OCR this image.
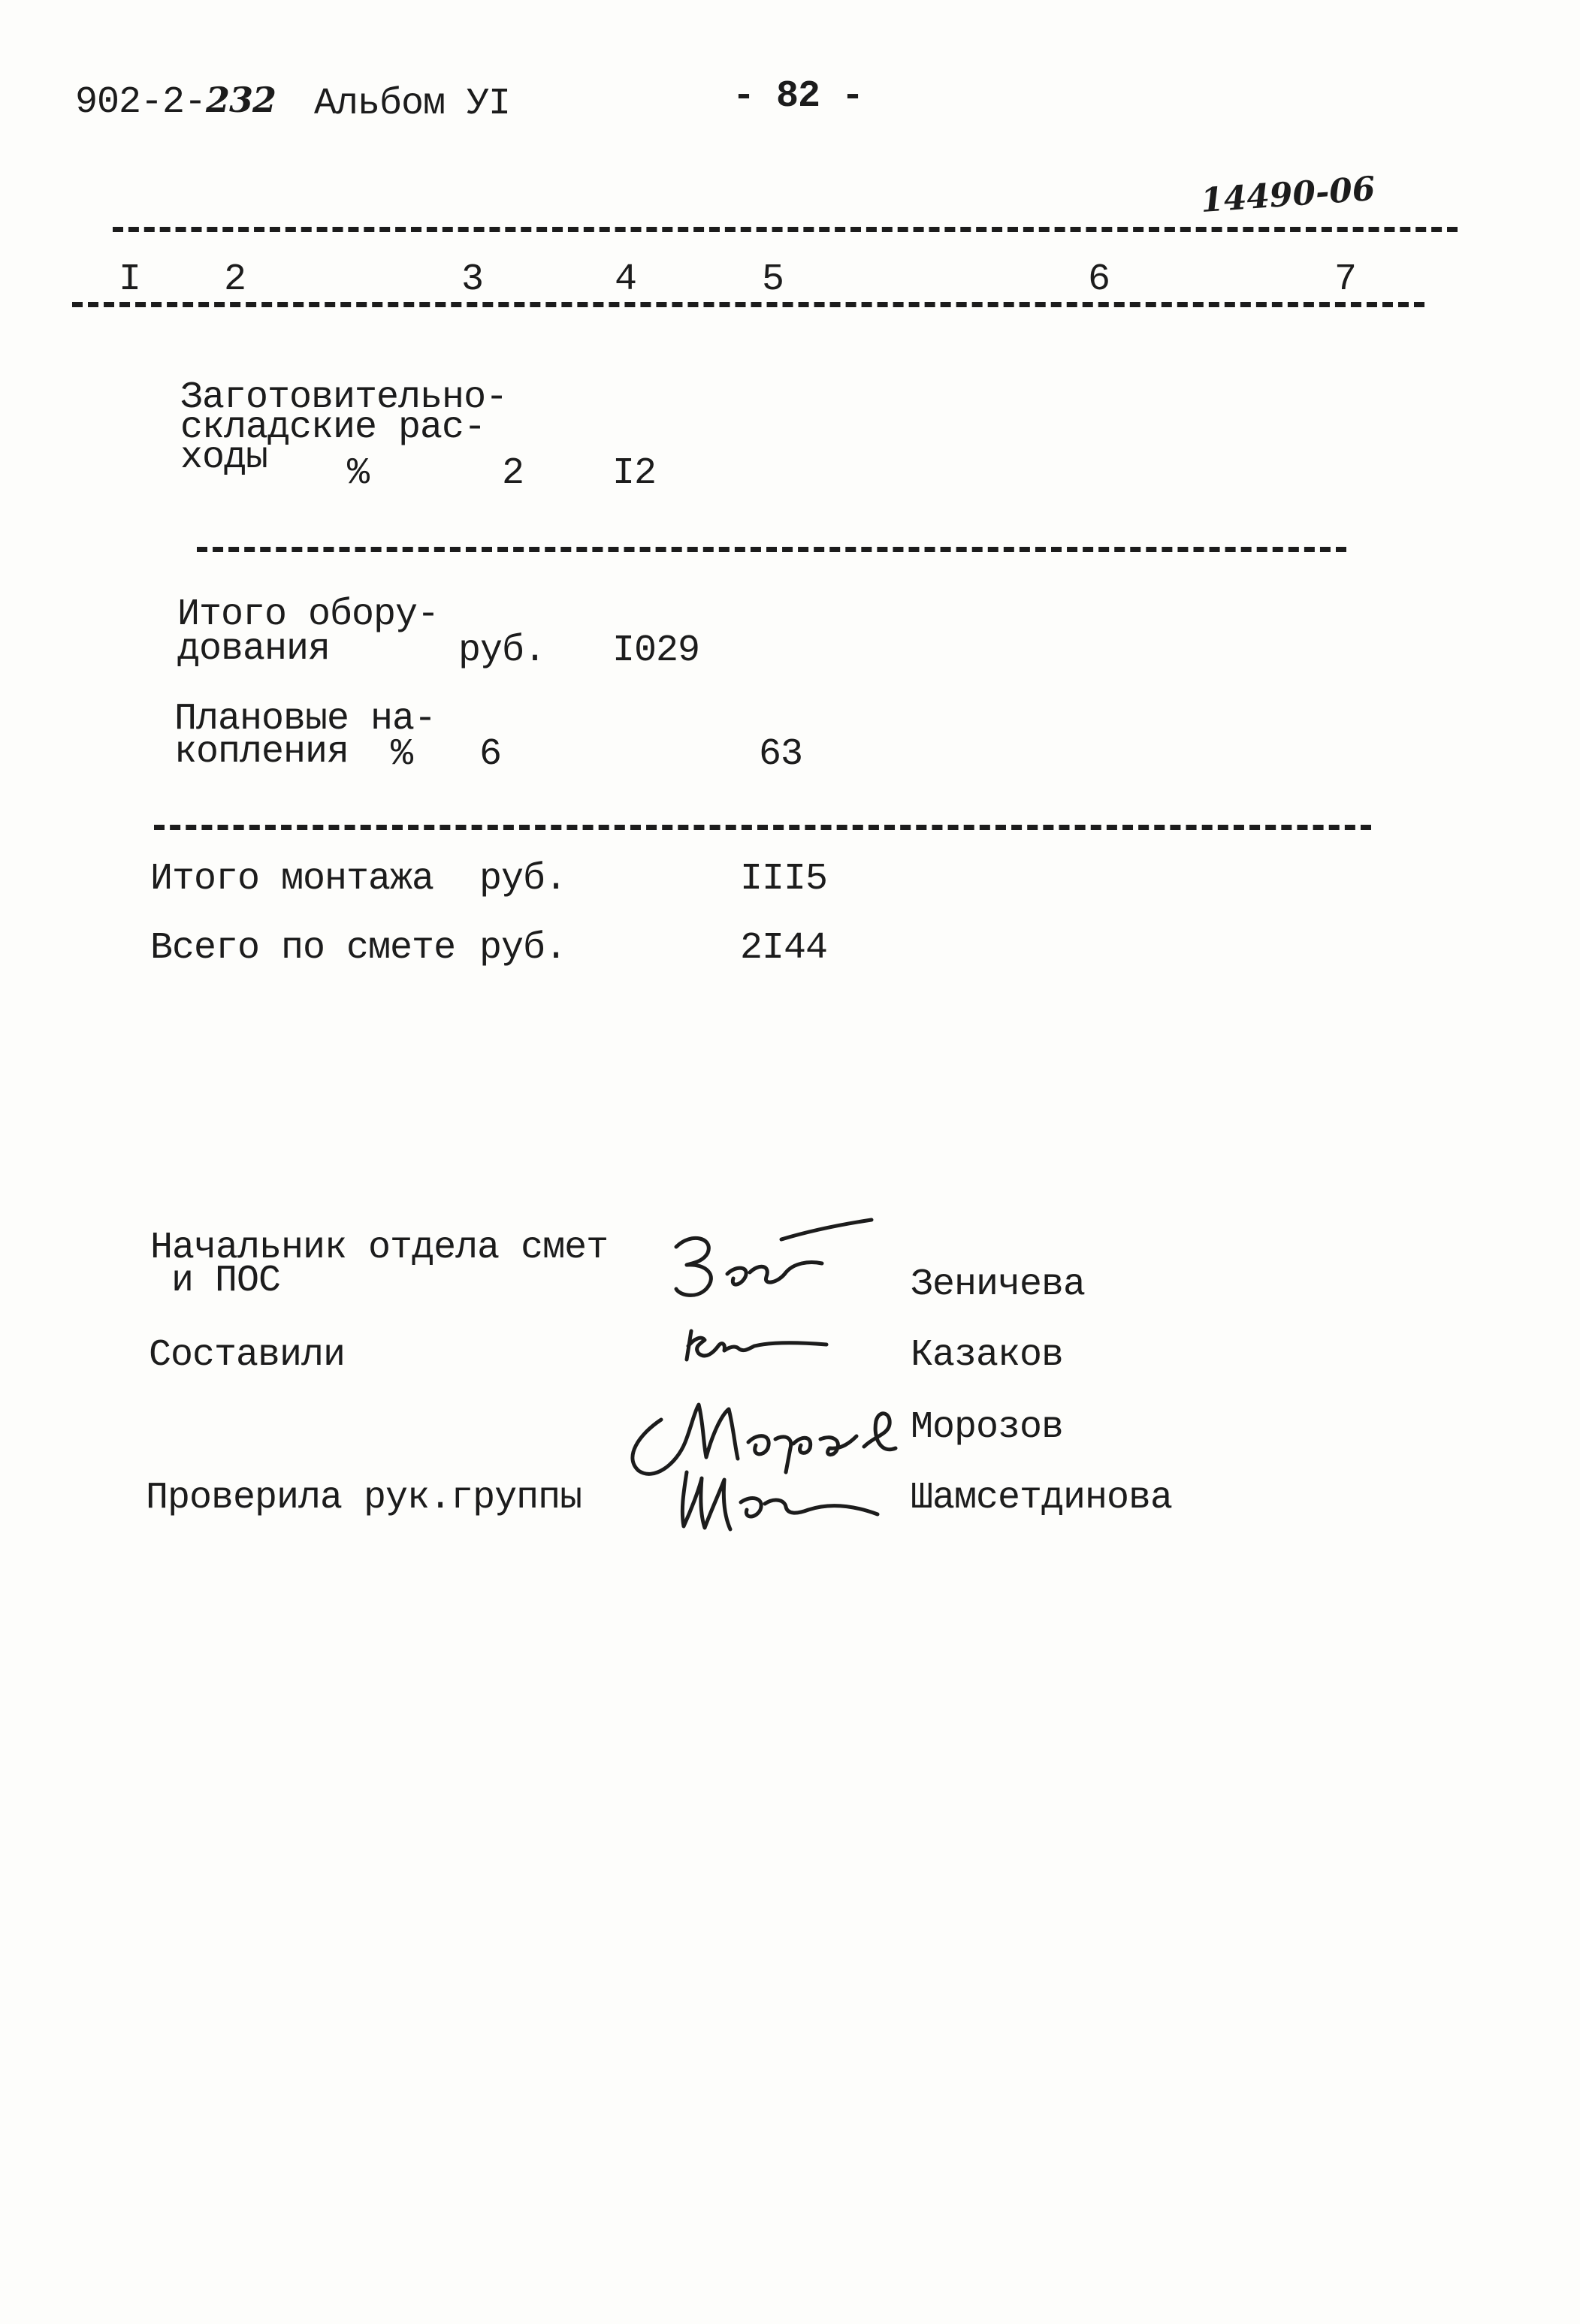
902-2-232 Альбом УI	- 82 -
14490-06
I 2	3	4	5	6	7
Заготовительно-
складские рас-
ходы	%	2 I2
Итого обору-
дования	руб. I029
Плановые на-
копления	% 6	63
Итого монтажа руб.	III5
Всего по смете руб.	2I44
Начальник отдела смет
и ПОС	Зеничева
Составили	Казаков
Морозов
Проверила рук.группы	Шамсетдинова
